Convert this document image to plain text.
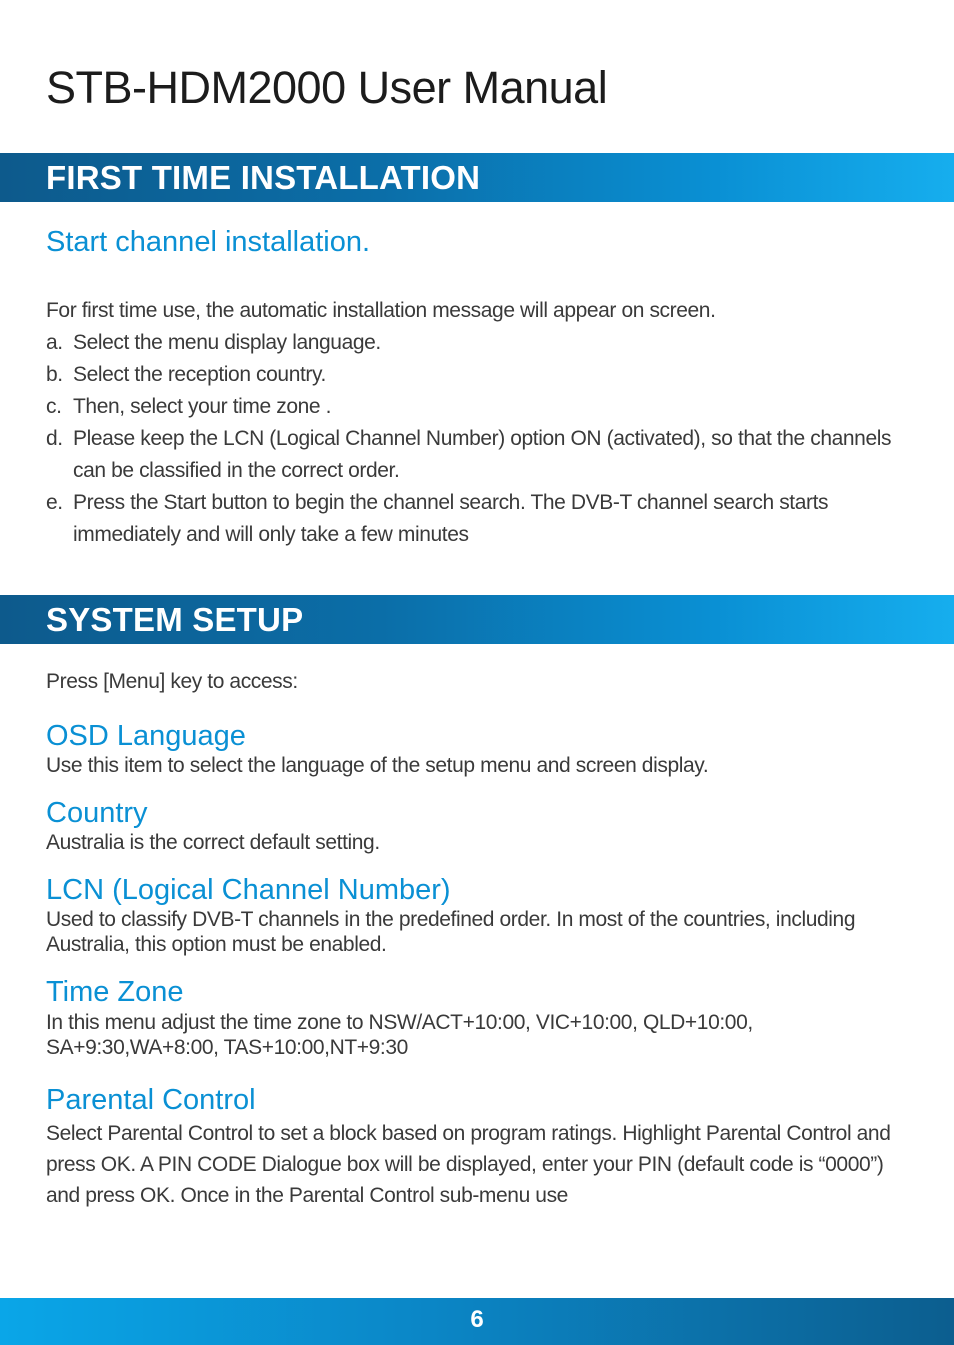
STB-HDM2000 User Manual
FIRST TIME INSTALLATION
Start channel installation.
For first time use, the automatic installation message will appear on screen.
a. Select the menu display language.
b. Select the reception country.
c. Then, select your time zone .
d. Please keep the LCN (Logical Channel Number) option ON (activated), so that the channels can be classified in the correct order.
e. Press the Start button to begin the channel search. The DVB-T channel search starts immediately and will only take a few minutes
SYSTEM SETUP

Press [Menu] key to access:

OSD Language

Use this item to select the language of the setup menu and screen display.

Country

Australia is the correct default setting.

LCN (Logical Channel Number)

Used to classify DVB-T channels in the predefined order. In most of the countries, including Australia, this option must be enabled.

Time Zone

In this menu adjust the time zone to NSW/ACT+10:00, VIC+10:00, QLD+10:00, SA+9:30,WA+8:00, TAS+10:00,NT+9:30

Parental Control

Select Parental Control to set a block based on program ratings. Highlight Parental Control and press OK. A PIN CODE Dialogue box will be displayed, enter your PIN (default code is “0000”) and press OK. Once in the Parental Control sub-menu use

6
